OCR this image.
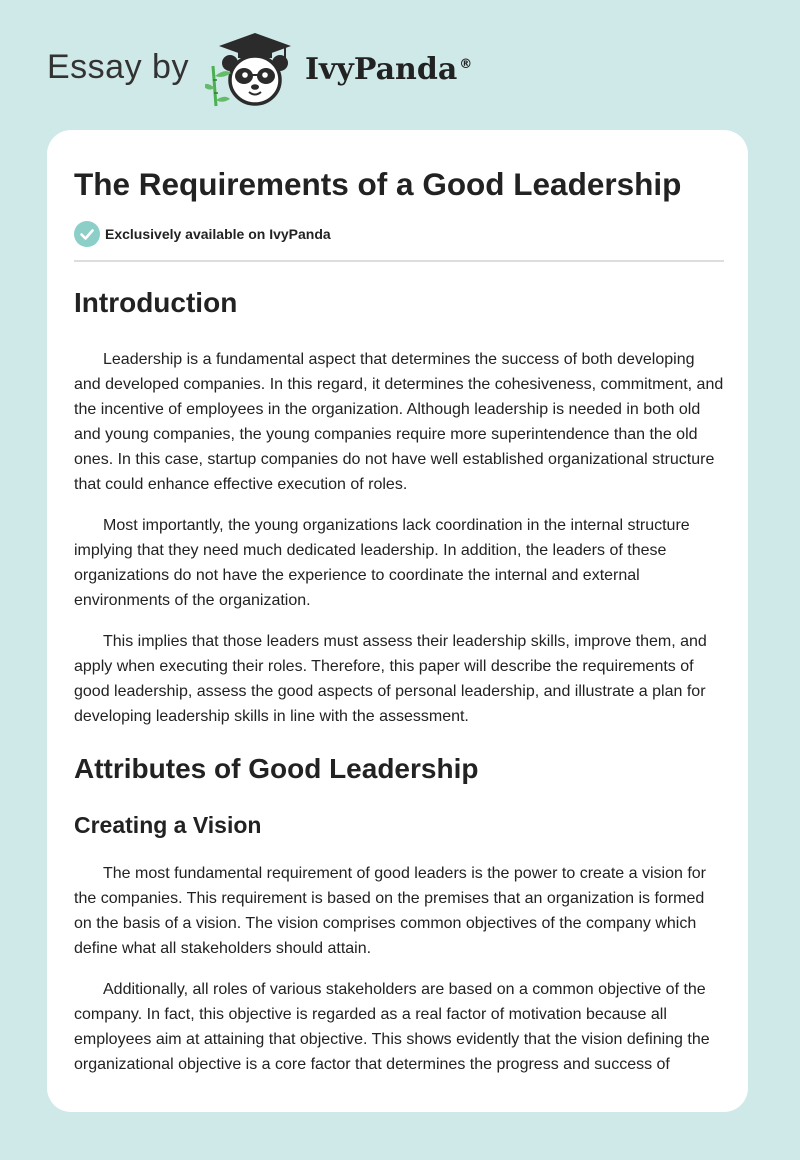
Essay by	IvyPanda ®
The Requirements of a Good Leadership
Exclusively available on IvyPanda
Introduction

Leadership is a fundamental aspect that determines the success of both developing and developed companies. In this regard, it determines the cohesiveness, commitment, and the incentive of employees in the organization. Although leadership is needed in both old and young companies, the young companies require more superintendence than the old ones. In this case, startup companies do not have well established organizational structure that could enhance effective execution of roles.

Most importantly, the young organizations lack coordination in the internal structure implying that they need much dedicated leadership. In addition, the leaders of these organizations do not have the experience to coordinate the internal and external environments of the organization.

This implies that those leaders must assess their leadership skills, improve them, and apply when executing their roles. Therefore, this paper will describe the requirements of good leadership, assess the good aspects of personal leadership, and illustrate a plan for developing leadership skills in line with the assessment.

Attributes of Good Leadership
Creating a Vision

The most fundamental requirement of good leaders is the power to create a vision for the companies. This requirement is based on the premises that an organization is formed on the basis of a vision. The vision comprises common objectives of the company which define what all stakeholders should attain.

Additionally, all roles of various stakeholders are based on a common objective of the company. In fact, this objective is regarded as a real factor of motivation because all employees aim at attaining that objective. This shows evidently that the vision defining the organizational objective is a core factor that determines the progress and success of
